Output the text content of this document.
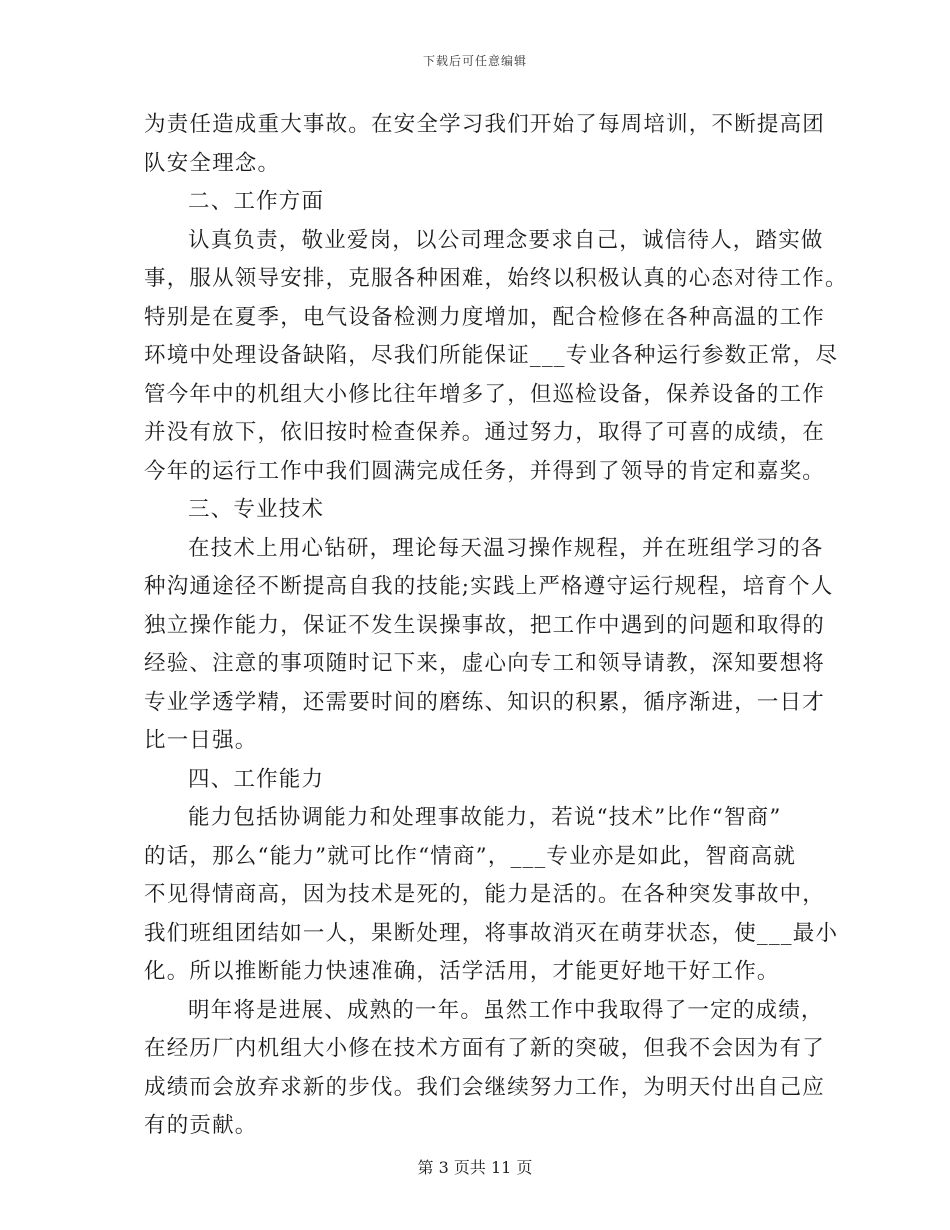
下载后可任意编辑
为责任造成重大事故。在安全学习我们开始了每周培训，不断提高团
队安全理念。
二、工作方面
认真负责，敬业爱岗，以公司理念要求自己，诚信待人，踏实做
事，服从领导安排，克服各种困难，始终以积极认真的心态对待工作。
特别是在夏季，电气设备检测力度增加，配合检修在各种高温的工作
环境中处理设备缺陷，尽我们所能保证___专业各种运行参数正常，尽
管今年中的机组大小修比往年增多了，但巡检设备，保养设备的工作
并没有放下，依旧按时检查保养。通过努力，取得了可喜的成绩，在
今年的运行工作中我们圆满完成任务，并得到了领导的肯定和嘉奖。
三、专业技术
在技术上用心钻研，理论每天温习操作规程，并在班组学习的各
种沟通途径不断提高自我的技能;实践上严格遵守运行规程，培育个人
独立操作能力，保证不发生误操事故，把工作中遇到的问题和取得的
经验、注意的事项随时记下来，虚心向专工和领导请教，深知要想将
专业学透学精，还需要时间的磨练、知识的积累，循序渐进，一日才
比一日强。
四、工作能力
能力包括协调能力和处理事故能力，若说“技术”比作“智商”
的话，那么“能力”就可比作“情商”，___专业亦是如此，智商高就
不见得情商高，因为技术是死的，能力是活的。在各种突发事故中，
我们班组团结如一人，果断处理，将事故消灭在萌芽状态，使___最小
化。所以推断能力快速准确，活学活用，才能更好地干好工作。
明年将是进展、成熟的一年。虽然工作中我取得了一定的成绩，
在经历厂内机组大小修在技术方面有了新的突破，但我不会因为有了
成绩而会放弃求新的步伐。我们会继续努力工作，为明天付出自己应
有的贡献。
第 3 页共 11 页
